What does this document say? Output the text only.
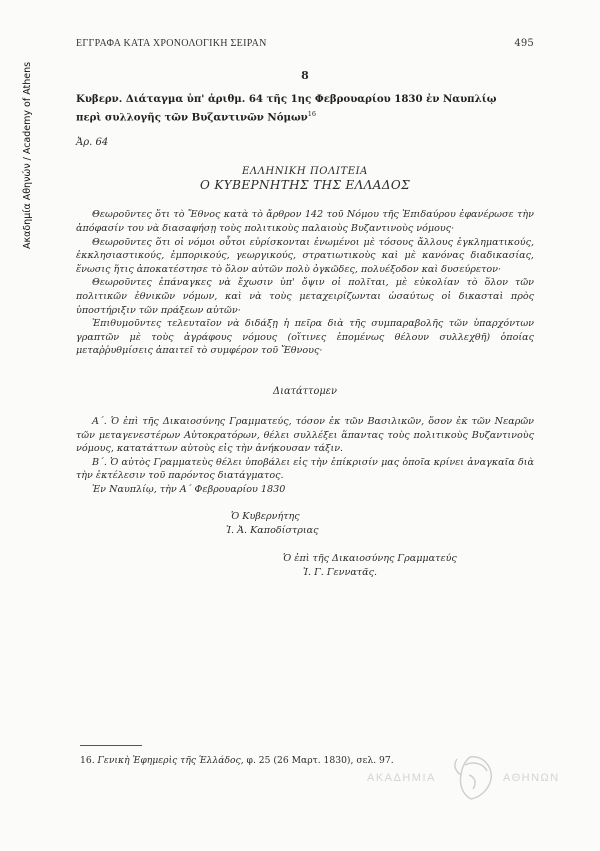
Ακαδημία Αθηνών / Academy of Athens
ΕΓΓΡΑΦΑ ΚΑΤΑ ΧΡΟΝΟΛΟΓΙΚΗ ΣΕΙΡΑΝ	495
8
Κυβερν. Διάταγμα ὑπ' ἀριθμ. 64 τῆς 1ης Φεβρουαρίου 1830 ἐν Ναυπλίῳ
περὶ συλλογῆς τῶν Βυζαντινῶν Νόμων$^{16}$
Ἀρ. 64
ΕΛΛΗΝΙΚΗ ΠΟΛΙΤΕΙΑ
Ο ΚΥΒΕΡΝΗΤΗΣ ΤΗΣ ΕΛΛΑΔΟΣ

Θεωροῦντες ὅτι τὸ Ἔθνος κατὰ τὸ ἄρθρον 142 τοῦ Νόμου τῆς Ἐπιδαύρου ἐφανέρωσε τὴν ἀπόφασίν του νὰ διασαφήσῃ τοὺς πολιτικοὺς παλαιοὺς Βυζαντινοὺς νόμους·

Θεωροῦντες ὅτι οἱ νόμοι οὗτοι εὑρίσκονται ἐνωμένοι μὲ τόσους ἄλλους ἐγκληματικούς, ἐκκλησιαστικούς, ἐμπορικούς, γεωργικούς, στρατιωτικοὺς καὶ μὲ κανόνας διαδικασίας, ἕνωσις ἥτις ἀποκατέστησε τὸ ὅλον αὐτῶν πολὺ ὀγκῶδες, πολυέξοδον καὶ δυσεύρετον·

Θεωροῦντες ἐπάναγκες νὰ ἔχωσιν ὑπ' ὄψιν οἱ πολῖται, μὲ εὐκολίαν τὸ ὅλον τῶν πολιτικῶν ἐθνικῶν νόμων, καὶ νὰ τοὺς μεταχειρίζωνται ὡσαύτως οἱ δικασταὶ πρὸς ὑποστήριξιν τῶν πράξεων αὐτῶν·

Ἐπιθυμοῦντες τελευταῖον νὰ διδάξῃ ἡ πεῖρα διὰ τῆς συμπαραβολῆς τῶν ὑπαρχόντων γραπτῶν μὲ τοὺς ἀγράφους νόμους (οἵτινες ἑπομένως θέλουν συλλεχθῆ) ὁποίας μεταῤῥυθμίσεις ἀπαιτεῖ τὸ συμφέρον τοῦ Ἔθνους·

Διατάττομεν

Α΄. Ὁ ἐπὶ τῆς Δικαιοσύνης Γραμματεύς, τόσον ἐκ τῶν Βασιλικῶν, ὅσον ἐκ τῶν Νεαρῶν τῶν μεταγενεστέρων Αὐτοκρατόρων, θέλει συλλέξει ἅπαντας τοὺς πολιτικοὺς Βυζαντινοὺς νόμους, κατατάττων αὐτοὺς εἰς τὴν ἀνήκουσαν τάξιν.

Β΄. Ὁ αὐτὸς Γραμματεὺς θέλει ὑποβάλει εἰς τὴν ἐπίκρισίν μας ὁποῖα κρίνει ἀναγκαῖα διὰ τὴν ἐκτέλεσιν τοῦ παρόντος διατάγματος.

Ἐν Ναυπλίῳ, τὴν Α΄ Φεβρουαρίου 1830

Ὁ Κυβερνήτης
Ἰ. Ἀ. Καποδίστριας
Ὁ ἐπὶ τῆς Δικαιοσύνης Γραμματεύς
Ἰ. Γ. Γεννατᾶς.
16. Γενικὴ Ἐφημερὶς τῆς Ἑλλάδος, φ. 25 (26 Μαρτ. 1830), σελ. 97.
ΑΚΑΔΗΜΙΑ	ΑΘΗΝΩΝ
